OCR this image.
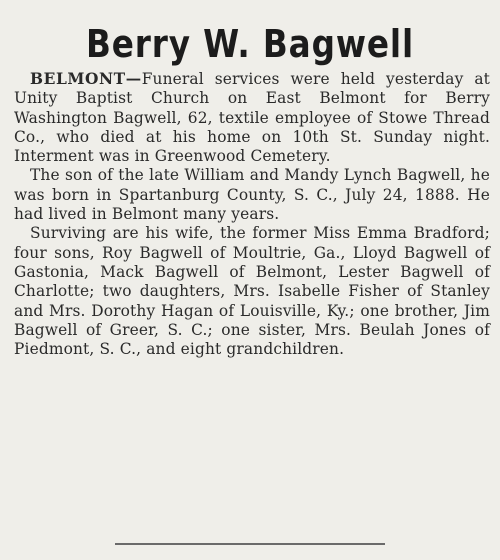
Berry W. Bagwell

BELMONT—Funeral services were held yesterday at Unity Baptist Church on East Belmont for Berry Washington Bagwell, 62, textile employee of Stowe Thread Co., who died at his home on 10th St. Sunday night. Interment was in Greenwood Cemetery.

The son of the late William and Mandy Lynch Bagwell, he was born in Spartanburg County, S. C., July 24, 1888. He had lived in Belmont many years.

Surviving are his wife, the former Miss Emma Bradford; four sons, Roy Bagwell of Moultrie, Ga., Lloyd Bagwell of Gastonia, Mack Bagwell of Belmont, Lester Bagwell of Charlotte; two daughters, Mrs. Isabelle Fisher of Stanley and Mrs. Dorothy Hagan of Louisville, Ky.; one brother, Jim Bagwell of Greer, S. C.; one sister, Mrs. Beulah Jones of Piedmont, S. C., and eight grandchildren.
